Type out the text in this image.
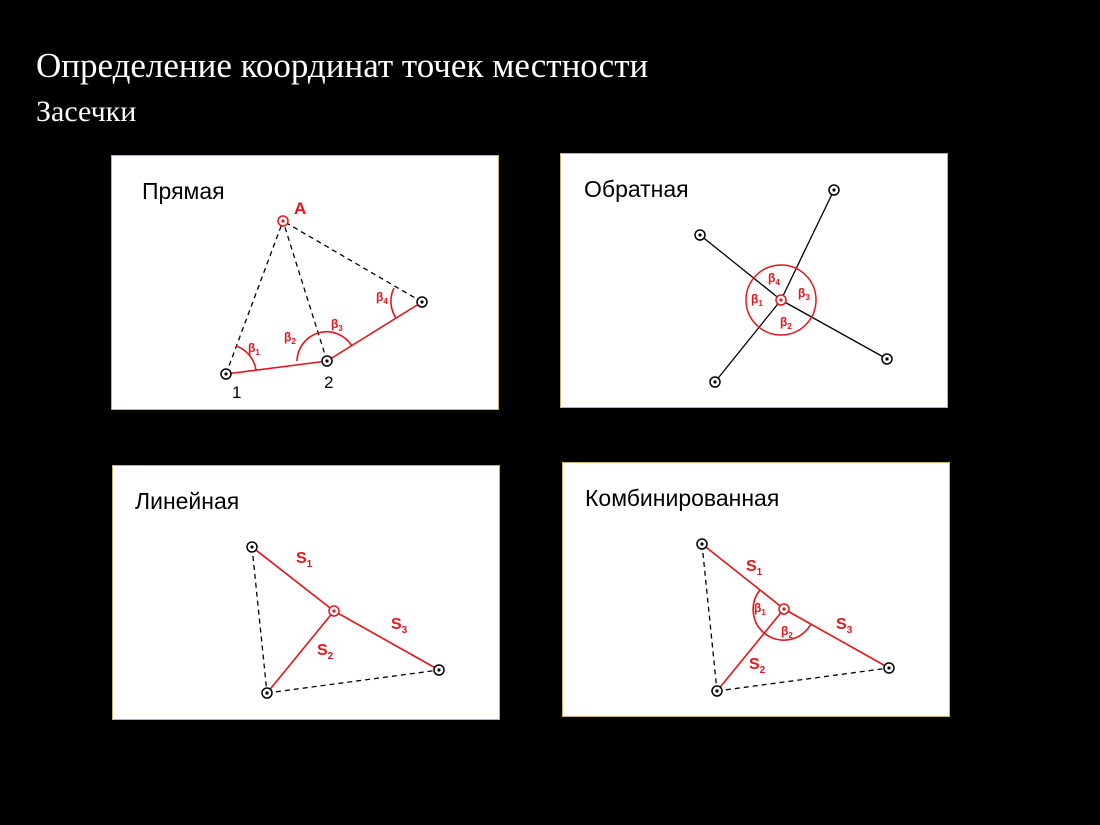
Определение координат точек местности
Засечки
A
1
2
$\beta_1$
$\beta_2$
$\beta_3$
$\beta_4$
Прямая
$\beta_4$
$\beta_1$
$\beta_3$
$\beta_2$
Обратная
$S_1$
$S_2$
$S_3$
Линейная
$S_1$
$S_2$
$S_3$
$\beta_1$
$\beta_2$
Комбинированная
